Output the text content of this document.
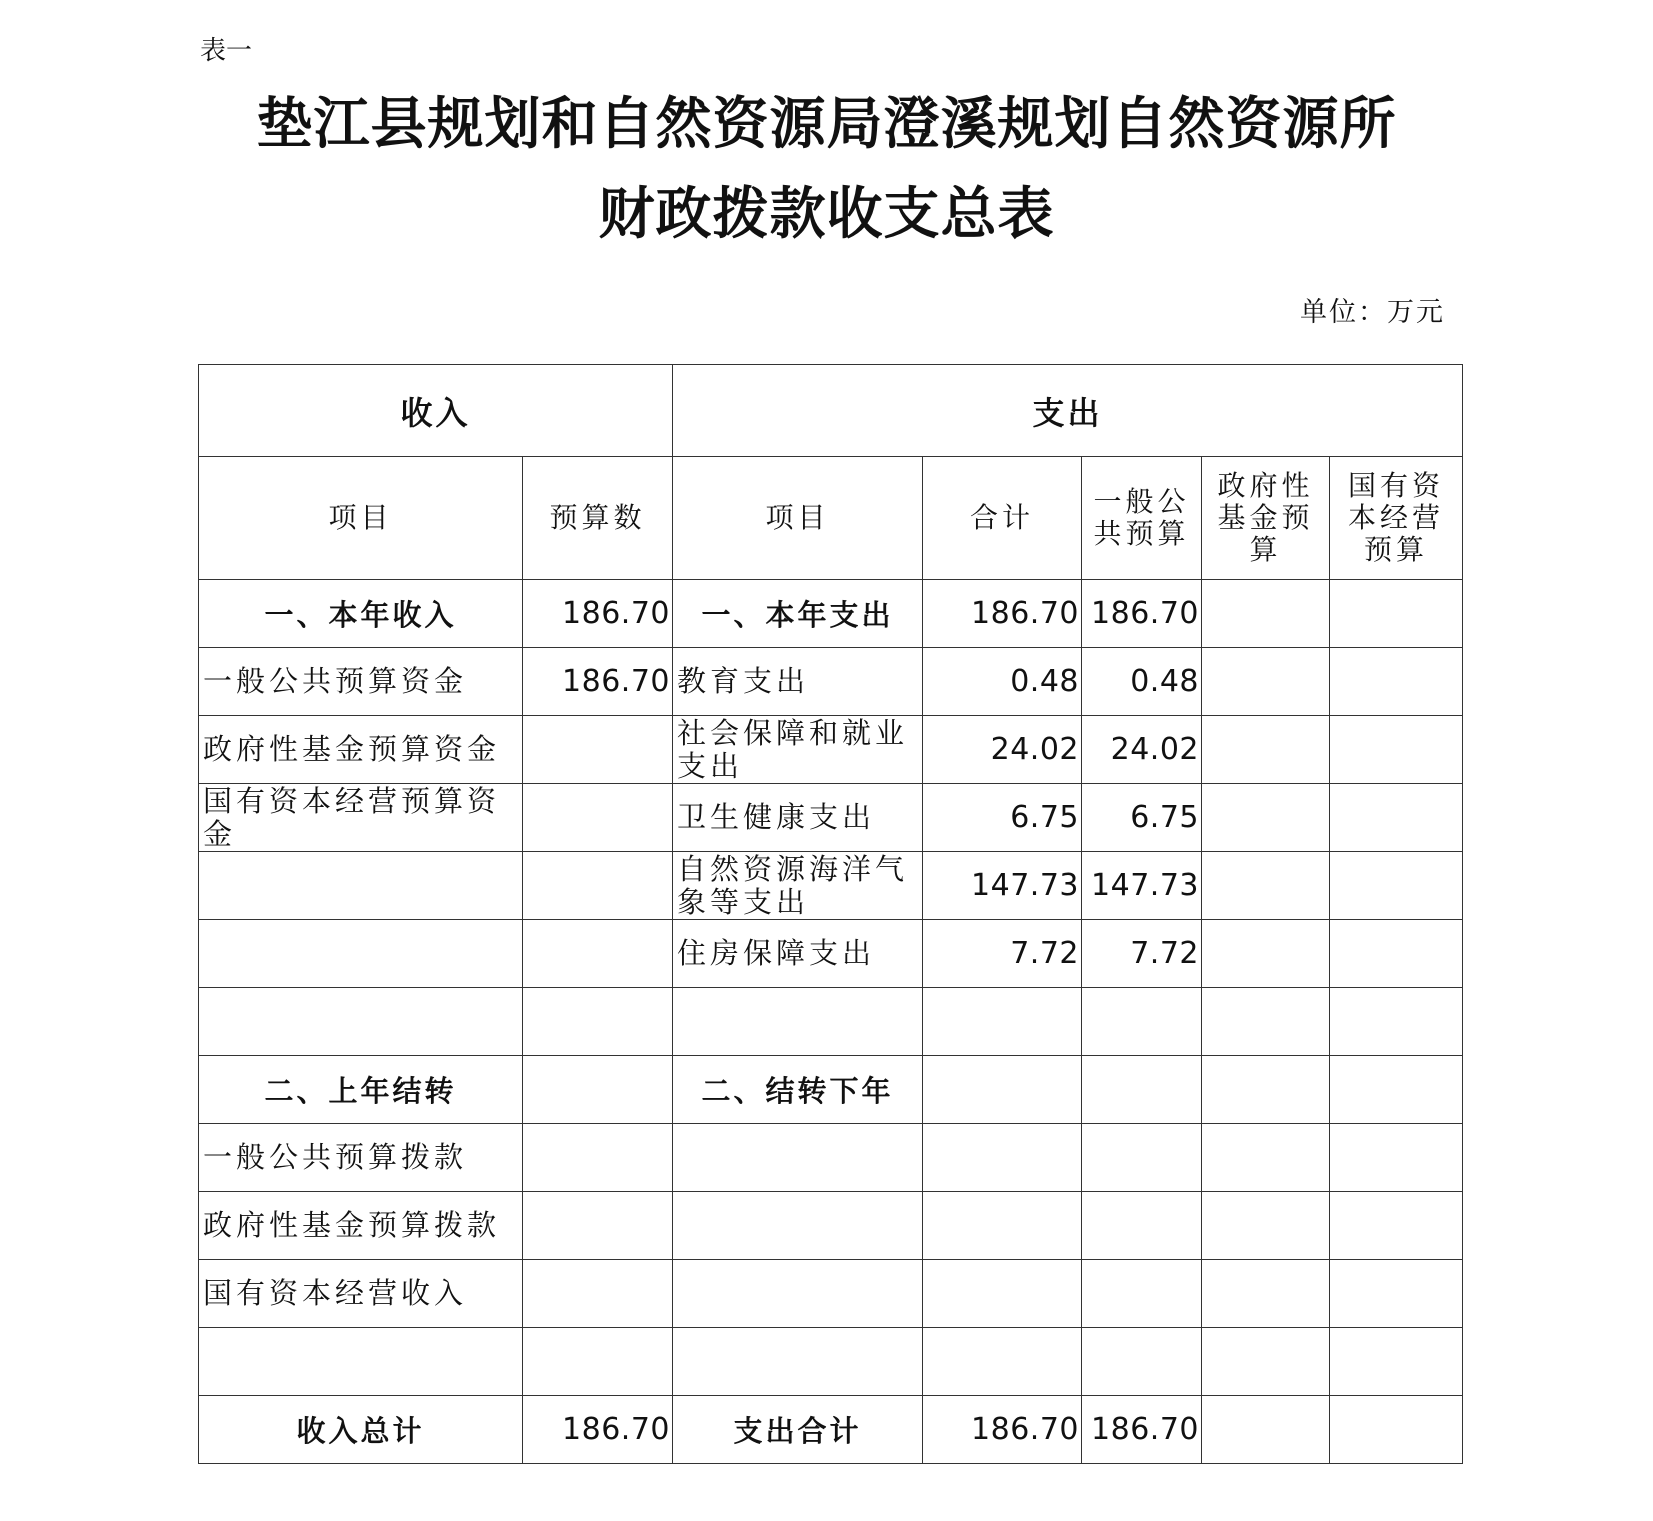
表一
垫江县规划和自然资源局澄溪规划自然资源所
财政拨款收支总表
单位：万元
收入		支出				
项目	预算数	项目	合计	一般公共预算	政府性基金预算	国有资本经营预算

一、本年收入	186.70	一、本年支出	186.70	186.70		
一般公共预算资金	186.70	教育支出	0.48	0.48		
政府性基金预算资金		社会保障和就业支出	24.02	24.02		
国有资本经营预算资金		卫生健康支出	6.75	6.75		
		自然资源海洋气象等支出	147.73	147.73		
		住房保障支出	7.72	7.72		

二、上年结转		二、结转下年				
一般公共预算拨款						
政府性基金预算拨款						
国有资本经营收入						

收入总计	186.70	支出合计	186.70	186.70		
